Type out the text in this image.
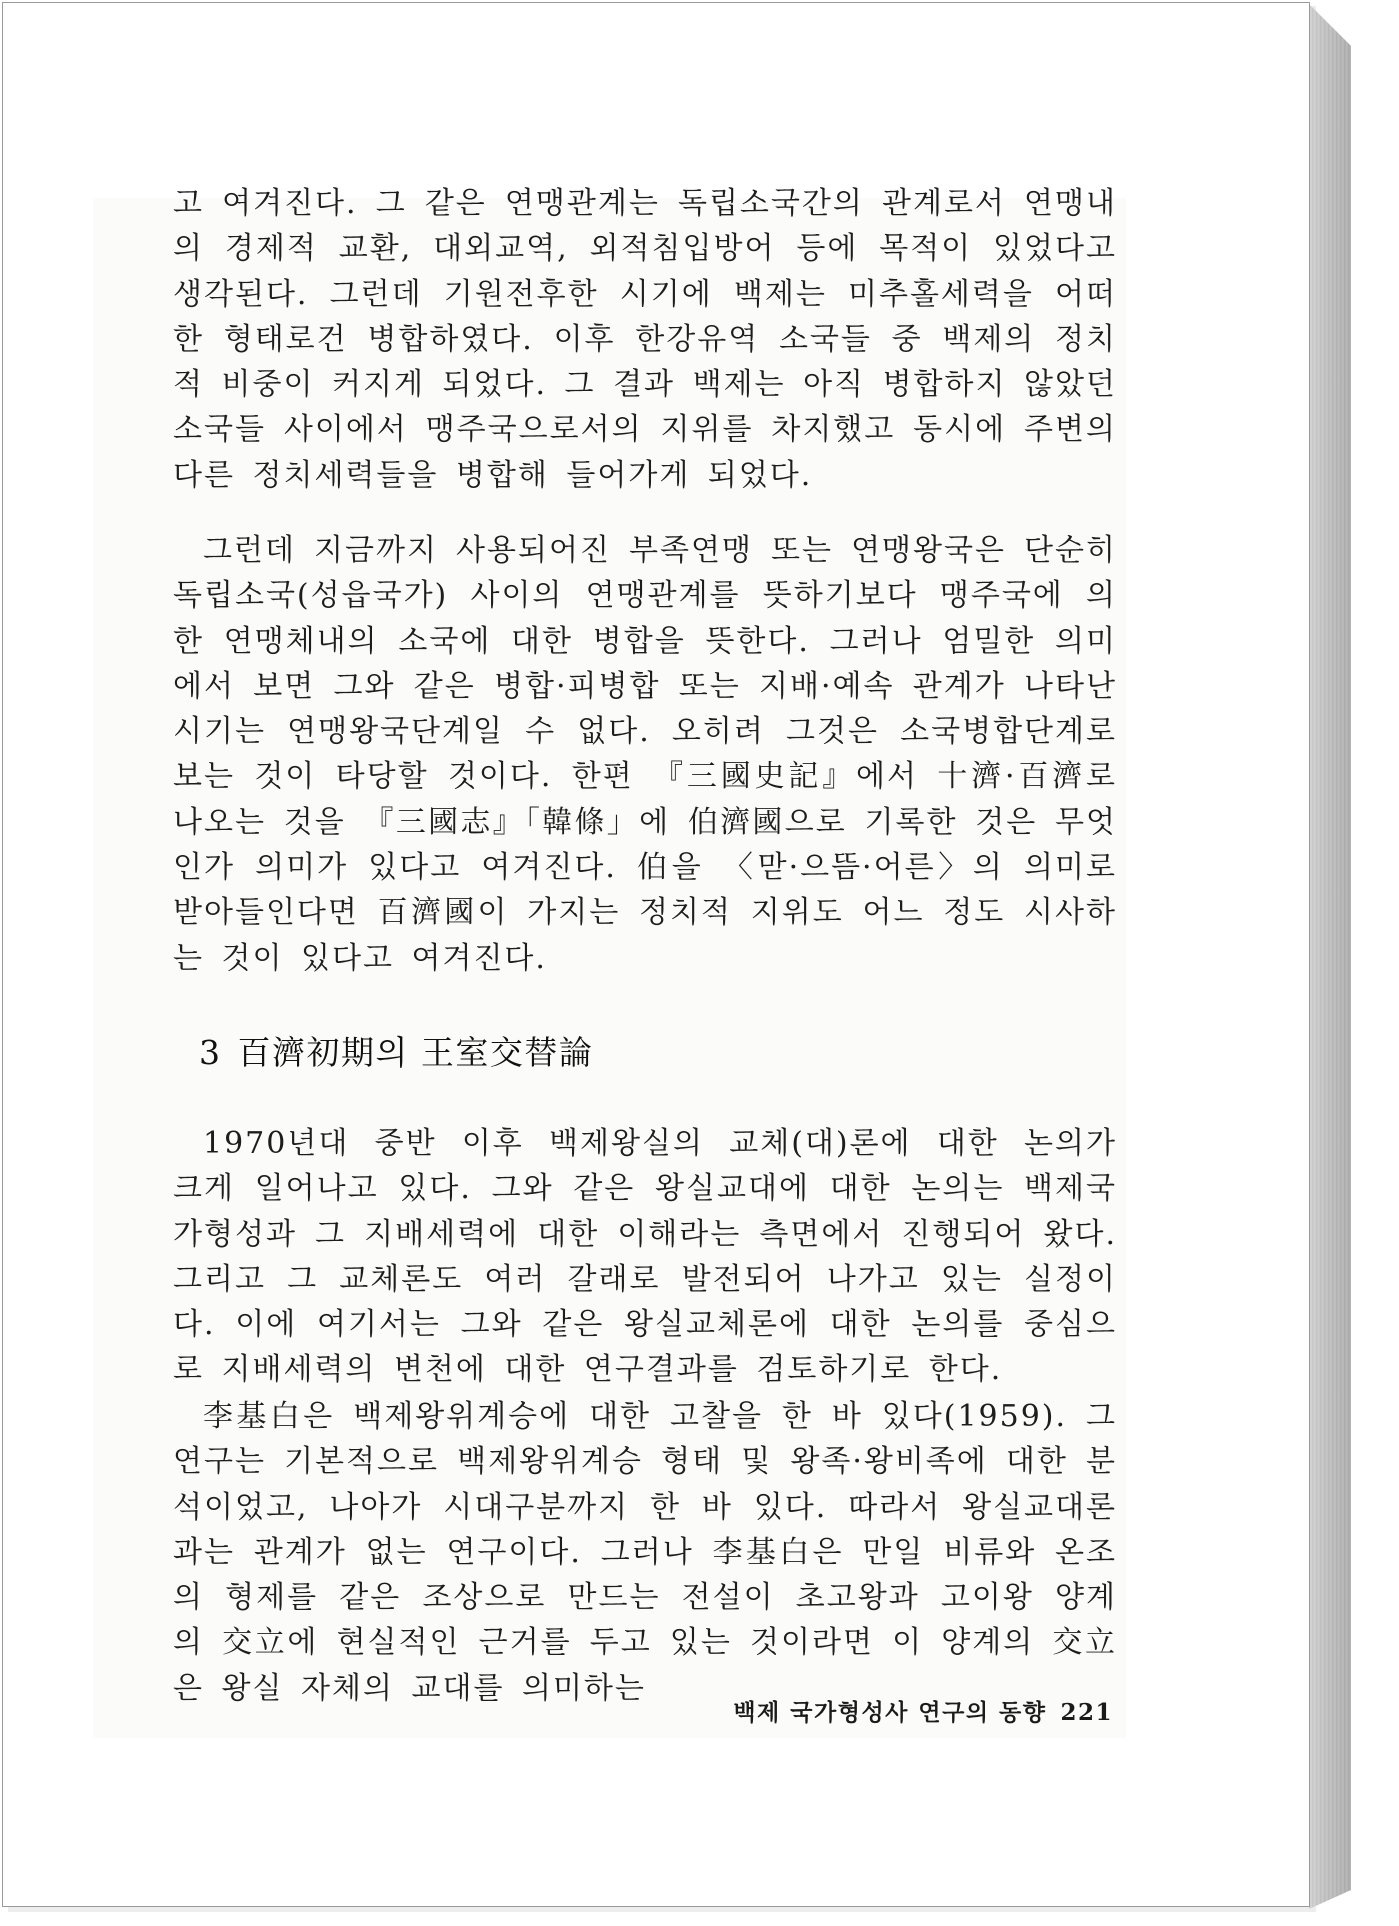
고 여겨진다. 그 같은 연맹관계는 독립소국간의 관계로서 연맹내의 경제적 교환, 대외교역, 외적침입방어 등에 목적이 있었다고 생각된다. 그런데 기원전후한 시기에 백제는 미추홀세력을 어떠한 형태로건 병합하였다. 이후 한강유역 소국들 중 백제의 정치적 비중이 커지게 되었다. 그 결과 백제는 아직 병합하지 않았던 소국들 사이에서 맹주국으로서의 지위를 차지했고 동시에 주변의 다른 정치세력들을 병합해 들어가게 되었다.

그런데 지금까지 사용되어진 부족연맹 또는 연맹왕국은 단순히 독립소국(성읍국가) 사이의 연맹관계를 뜻하기보다 맹주국에 의한 연맹체내의 소국에 대한 병합을 뜻한다. 그러나 엄밀한 의미에서 보면 그와 같은 병합·피병합 또는 지배·예속 관계가 나타난 시기는 연맹왕국단계일 수 없다. 오히려 그것은 소국병합단계로 보는 것이 타당할 것이다. 한편 『三國史記』에서 十濟·百濟로 나오는 것을 『三國志』「韓條」에 伯濟國으로 기록한 것은 무엇인가 의미가 있다고 여겨진다. 伯을 〈맏·으뜸·어른〉의 의미로 받아들인다면 百濟國이 가지는 정치적 지위도 어느 정도 시사하는 것이 있다고 여겨진다.

3 百濟初期의 王室交替論

1970년대 중반 이후 백제왕실의 교체(대)론에 대한 논의가 크게 일어나고 있다. 그와 같은 왕실교대에 대한 논의는 백제국가형성과 그 지배세력에 대한 이해라는 측면에서 진행되어 왔다. 그리고 그 교체론도 여러 갈래로 발전되어 나가고 있는 실정이다. 이에 여기서는 그와 같은 왕실교체론에 대한 논의를 중심으로 지배세력의 변천에 대한 연구결과를 검토하기로 한다.

李基白은 백제왕위계승에 대한 고찰을 한 바 있다(1959). 그 연구는 기본적으로 백제왕위계승 형태 및 왕족·왕비족에 대한 분석이었고, 나아가 시대구분까지 한 바 있다. 따라서 왕실교대론과는 관계가 없는 연구이다. 그러나 李基白은 만일 비류와 온조의 형제를 같은 조상으로 만드는 전설이 초고왕과 고이왕 양계의 交立에 현실적인 근거를 두고 있는 것이라면 이 양계의 交立은 왕실 자체의 교대를 의미하는

백제 국가형성사 연구의 동향 221
